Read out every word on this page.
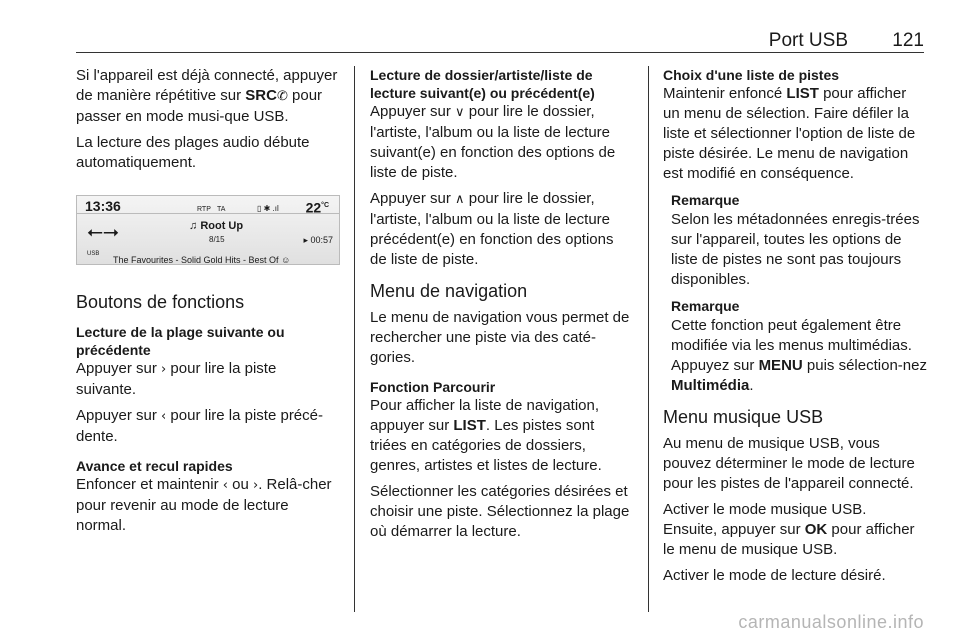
Port USB 121

Si l'appareil est déjà connecté, appuyer de manière répétitive sur SRC✆ pour passer en mode musi-que USB.

La lecture des plages audio débute automatiquement.

13:36	RTP TA	▯ ✱ .ıl $22^{^\circ C}$
⭠⭢
USB
♫ Root Up
8/15	▸ 00:57
The Favourites - Solid Gold Hits - Best Of ☺
Boutons de fonctions
Lecture de la plage suivante ou précédente

Appuyer sur › pour lire la piste suivante.

Appuyer sur ‹ pour lire la piste précé-dente.

Avance et recul rapides

Enfoncer et maintenir ‹ ou ›. Relâ-cher pour revenir au mode de lecture normal.

Lecture de dossier/artiste/liste de lecture suivant(e) ou précédent(e)

Appuyer sur ∨ pour lire le dossier, l'artiste, l'album ou la liste de lecture suivant(e) en fonction des options de liste de piste.

Appuyer sur ∧ pour lire le dossier, l'artiste, l'album ou la liste de lecture précédent(e) en fonction des options de liste de piste.

Menu de navigation

Le menu de navigation vous permet de rechercher une piste via des caté-gories.

Fonction Parcourir

Pour afficher la liste de navigation, appuyer sur LIST. Les pistes sont triées en catégories de dossiers, genres, artistes et listes de lecture.

Sélectionner les catégories désirées et choisir une piste. Sélectionnez la plage où démarrer la lecture.

Choix d'une liste de pistes

Maintenir enfoncé LIST pour afficher un menu de sélection. Faire défiler la liste et sélectionner l'option de liste de piste désirée. Le menu de navigation est modifié en conséquence.

Remarque

Selon les métadonnées enregis-trées sur l'appareil, toutes les options de liste de pistes ne sont pas toujours disponibles.

Remarque

Cette fonction peut également être modifiée via les menus multimédias. Appuyez sur MENU puis sélection-nez Multimédia.

Menu musique USB

Au menu de musique USB, vous pouvez déterminer le mode de lecture pour les pistes de l'appareil connecté.

Activer le mode musique USB.

Ensuite, appuyer sur OK pour afficher le menu de musique USB.

Activer le mode de lecture désiré.

carmanualsonline.info
